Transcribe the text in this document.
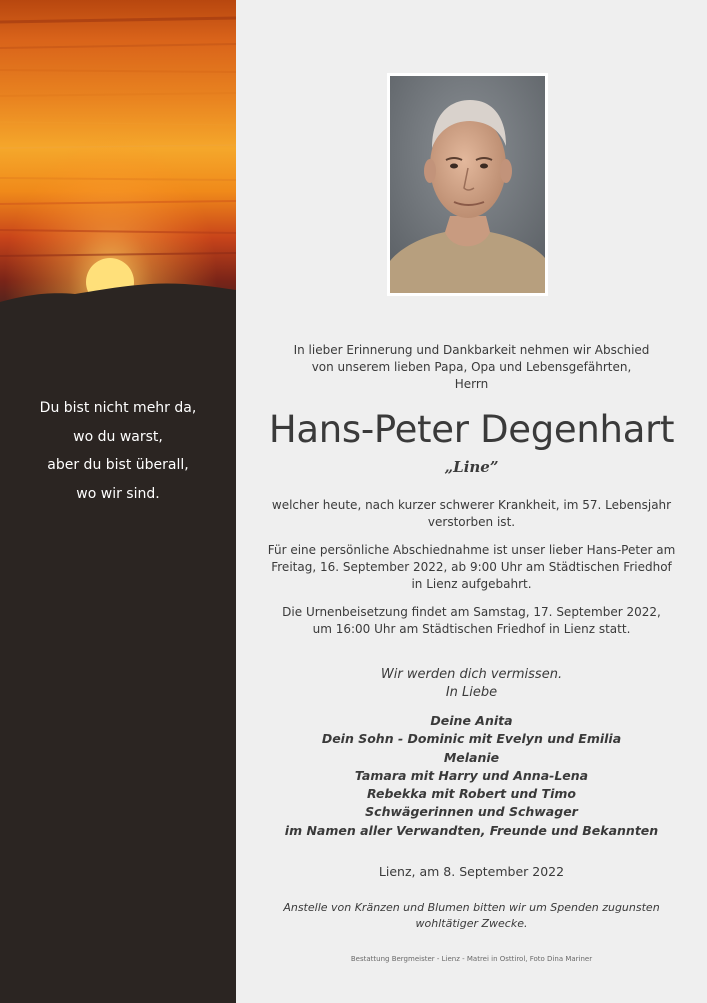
Du bist nicht mehr da,
wo du warst,
aber du bist überall,
wo wir sind.
In lieber Erinnerung und Dankbarkeit nehmen wir Abschied
von unserem lieben Papa, Opa und Lebensgefährten,
Herrn
Hans-Peter Degenhart
„Line”
welcher heute, nach kurzer schwerer Krankheit, im 57. Lebensjahr
verstorben ist.
Für eine persönliche Abschiednahme ist unser lieber Hans-Peter am
Freitag, 16. September 2022, ab 9:00 Uhr am Städtischen Friedhof
in Lienz aufgebahrt.
Die Urnenbeisetzung findet am Samstag, 17. September 2022,
um 16:00 Uhr am Städtischen Friedhof in Lienz statt.
Wir werden dich vermissen.
In Liebe
Deine Anita
Dein Sohn - Dominic mit Evelyn und Emilia
Melanie
Tamara mit Harry und Anna-Lena
Rebekka mit Robert und Timo
Schwägerinnen und Schwager
im Namen aller Verwandten, Freunde und Bekannten
Lienz, am 8. September 2022
Anstelle von Kränzen und Blumen bitten wir um Spenden zugunsten
wohltätiger Zwecke.
Bestattung Bergmeister - Lienz - Matrei in Osttirol, Foto Dina Mariner
